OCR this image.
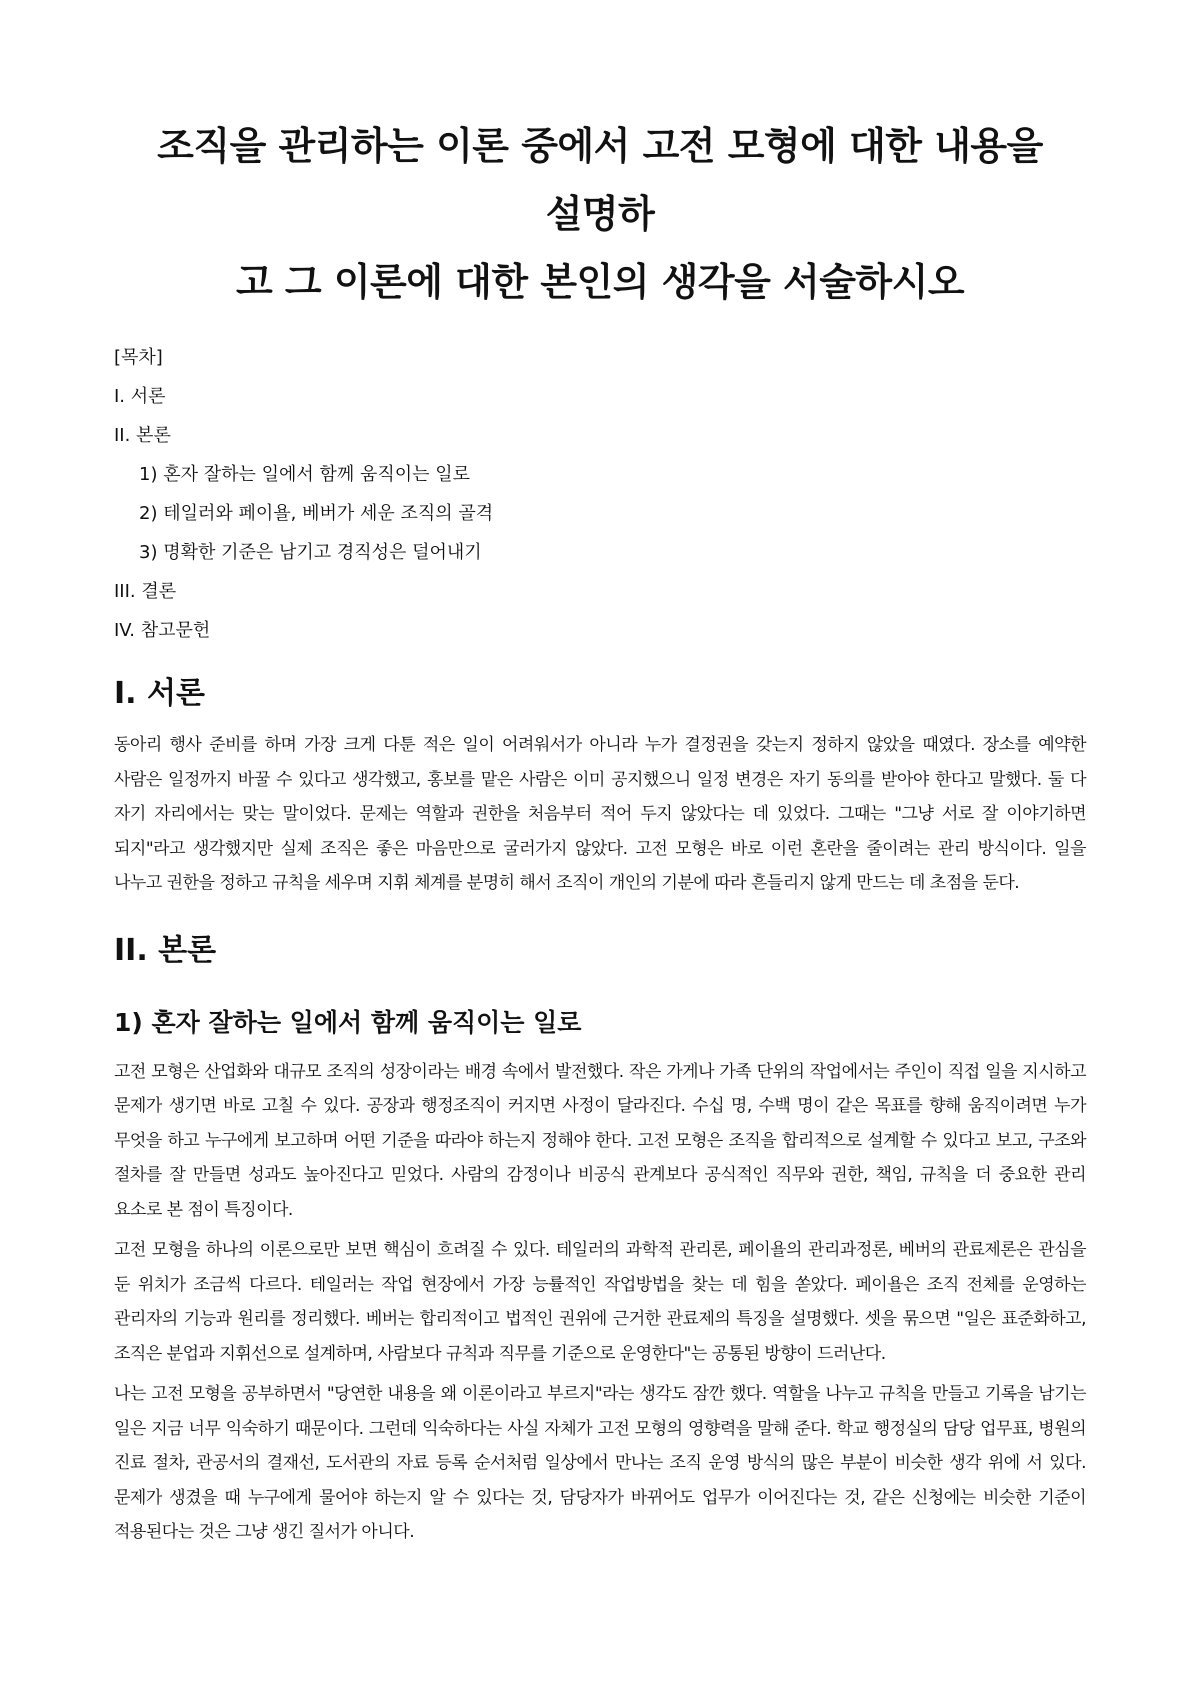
조직을 관리하는 이론 중에서 고전 모형에 대한 내용을 설명하
고 그 이론에 대한 본인의 생각을 서술하시오
[목차]
I. 서론
II. 본론
1) 혼자 잘하는 일에서 함께 움직이는 일로
2) 테일러와 페이욜, 베버가 세운 조직의 골격
3) 명확한 기준은 남기고 경직성은 덜어내기
III. 결론
IV. 참고문헌
I. 서론

동아리 행사 준비를 하며 가장 크게 다툰 적은 일이 어려워서가 아니라 누가 결정권을 갖는지 정하지 않았을 때였다. 장소를 예약한 사람은 일정까지 바꿀 수 있다고 생각했고, 홍보를 맡은 사람은 이미 공지했으니 일정 변경은 자기 동의를 받아야 한다고 말했다. 둘 다 자기 자리에서는 맞는 말이었다. 문제는 역할과 권한을 처음부터 적어 두지 않았다는 데 있었다. 그때는 "그냥 서로 잘 이야기하면 되지"라고 생각했지만 실제 조직은 좋은 마음만으로 굴러가지 않았다. 고전 모형은 바로 이런 혼란을 줄이려는 관리 방식이다. 일을 나누고 권한을 정하고 규칙을 세우며 지휘 체계를 분명히 해서 조직이 개인의 기분에 따라 흔들리지 않게 만드는 데 초점을 둔다.

II. 본론
1) 혼자 잘하는 일에서 함께 움직이는 일로

고전 모형은 산업화와 대규모 조직의 성장이라는 배경 속에서 발전했다. 작은 가게나 가족 단위의 작업에서는 주인이 직접 일을 지시하고 문제가 생기면 바로 고칠 수 있다. 공장과 행정조직이 커지면 사정이 달라진다. 수십 명, 수백 명이 같은 목표를 향해 움직이려면 누가 무엇을 하고 누구에게 보고하며 어떤 기준을 따라야 하는지 정해야 한다. 고전 모형은 조직을 합리적으로 설계할 수 있다고 보고, 구조와 절차를 잘 만들면 성과도 높아진다고 믿었다. 사람의 감정이나 비공식 관계보다 공식적인 직무와 권한, 책임, 규칙을 더 중요한 관리 요소로 본 점이 특징이다.

고전 모형을 하나의 이론으로만 보면 핵심이 흐려질 수 있다. 테일러의 과학적 관리론, 페이욜의 관리과정론, 베버의 관료제론은 관심을 둔 위치가 조금씩 다르다. 테일러는 작업 현장에서 가장 능률적인 작업방법을 찾는 데 힘을 쏟았다. 페이욜은 조직 전체를 운영하는 관리자의 기능과 원리를 정리했다. 베버는 합리적이고 법적인 권위에 근거한 관료제의 특징을 설명했다. 셋을 묶으면 "일은 표준화하고, 조직은 분업과 지휘선으로 설계하며, 사람보다 규칙과 직무를 기준으로 운영한다"는 공통된 방향이 드러난다.

나는 고전 모형을 공부하면서 "당연한 내용을 왜 이론이라고 부르지"라는 생각도 잠깐 했다. 역할을 나누고 규칙을 만들고 기록을 남기는 일은 지금 너무 익숙하기 때문이다. 그런데 익숙하다는 사실 자체가 고전 모형의 영향력을 말해 준다. 학교 행정실의 담당 업무표, 병원의 진료 절차, 관공서의 결재선, 도서관의 자료 등록 순서처럼 일상에서 만나는 조직 운영 방식의 많은 부분이 비슷한 생각 위에 서 있다. 문제가 생겼을 때 누구에게 물어야 하는지 알 수 있다는 것, 담당자가 바뀌어도 업무가 이어진다는 것, 같은 신청에는 비슷한 기준이 적용된다는 것은 그냥 생긴 질서가 아니다.
